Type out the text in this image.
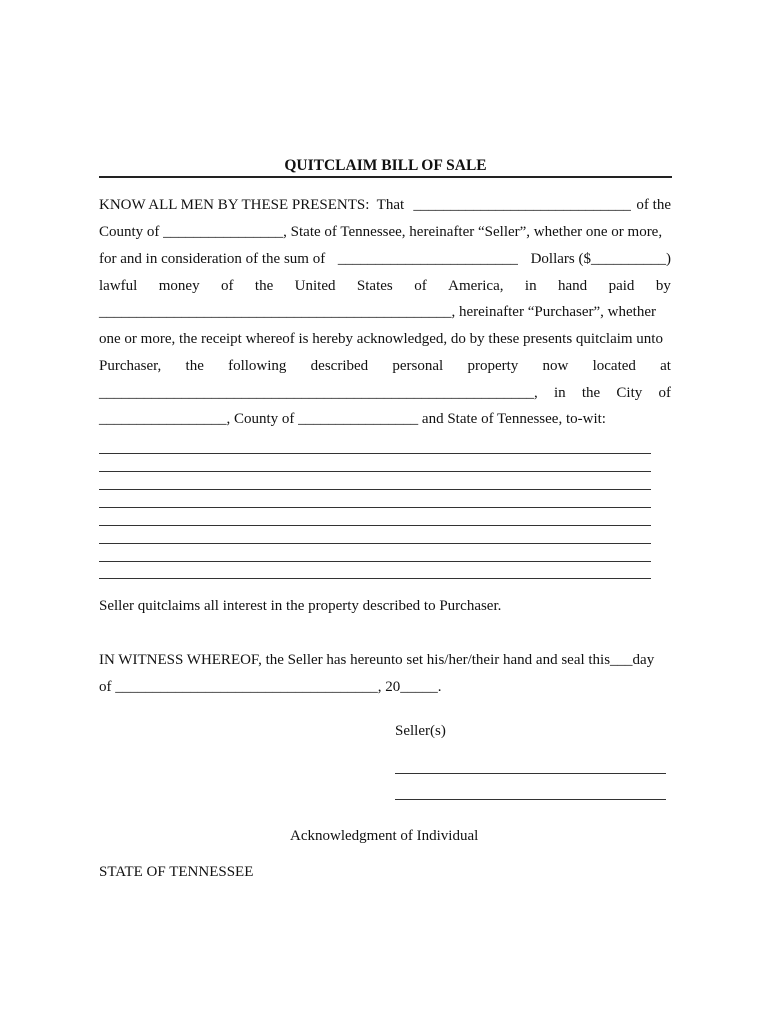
QUITCLAIM BILL OF SALE
KNOW ALL MEN BY THESE PRESENTS:  That _____________________________ of the
County of ________________, State of Tennessee, hereinafter “Seller”, whether one or more,
for and in consideration of the sum of ________________________ Dollars ($__________)
lawful money of the United States of America, in hand paid by
_______________________________________________, hereinafter “Purchaser”, whether
one or more, the receipt whereof is hereby acknowledged, do by these presents quitclaim unto
Purchaser, the following described personal property now located at
__________________________________________________________, in the City of
_________________, County of ________________ and State of Tennessee, to-wit:
Seller quitclaims all interest in the property described to Purchaser.
IN WITNESS WHEREOF, the Seller has hereunto set his/her/their hand and seal this___day
of ___________________________________, 20_____.
Seller(s)
Acknowledgment of Individual
STATE OF TENNESSEE
